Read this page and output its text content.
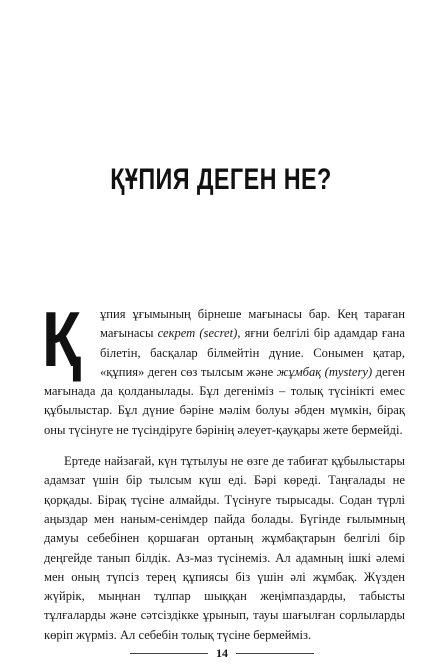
ҚҰПИЯ ДЕГЕН НЕ?

Қ ұпия ұғымының бірнеше мағынасы бар. Кең тараған мағынасы секрет (secret), яғни белгілі бір адамдар ғана білетін, басқалар білмейтін дүние. Сонымен қатар, «құпия» деген сөз тылсым және жұмбақ (mystery) деген мағынада да қолданылады. Бұл дегеніміз – толық түсінікті емес құбылыстар. Бұл дүние бәрінe мәлім болуы әбден мүмкін, бірақ оны түсінуге не түсіндіруге бәрінің әлеует-қауқары жете бермейді.

Ертеде найзағай, күн тұтылуы не өзге де табиғат құбылыстары адамзат үшін бір тылсым күш еді. Бәрі көреді. Таңғалады не қорқады. Бірақ түсіне алмайды. Түсінуге тырысады. Содан түрлі аңыздар мен наным-сенімдер пайда болады. Бүгінде ғылымның дамуы себебінен қоршаған ортаның жұмбақтарын белгілі бір деңгейде танып білдік. Аз-маз түсінеміз. Ал адамның ішкі әлемі мен оның түпсіз терең құпиясы біз үшін әлі жұмбақ. Жүзден жүйрік, мыңнан тұлпар шыққан жеңімпаздарды, табысты тұлғаларды және сәтсіздікке ұрынып, тауы шағылған сорлыларды көріп жүрміз. Ал себебін толық түсіне бермейміз.

14
